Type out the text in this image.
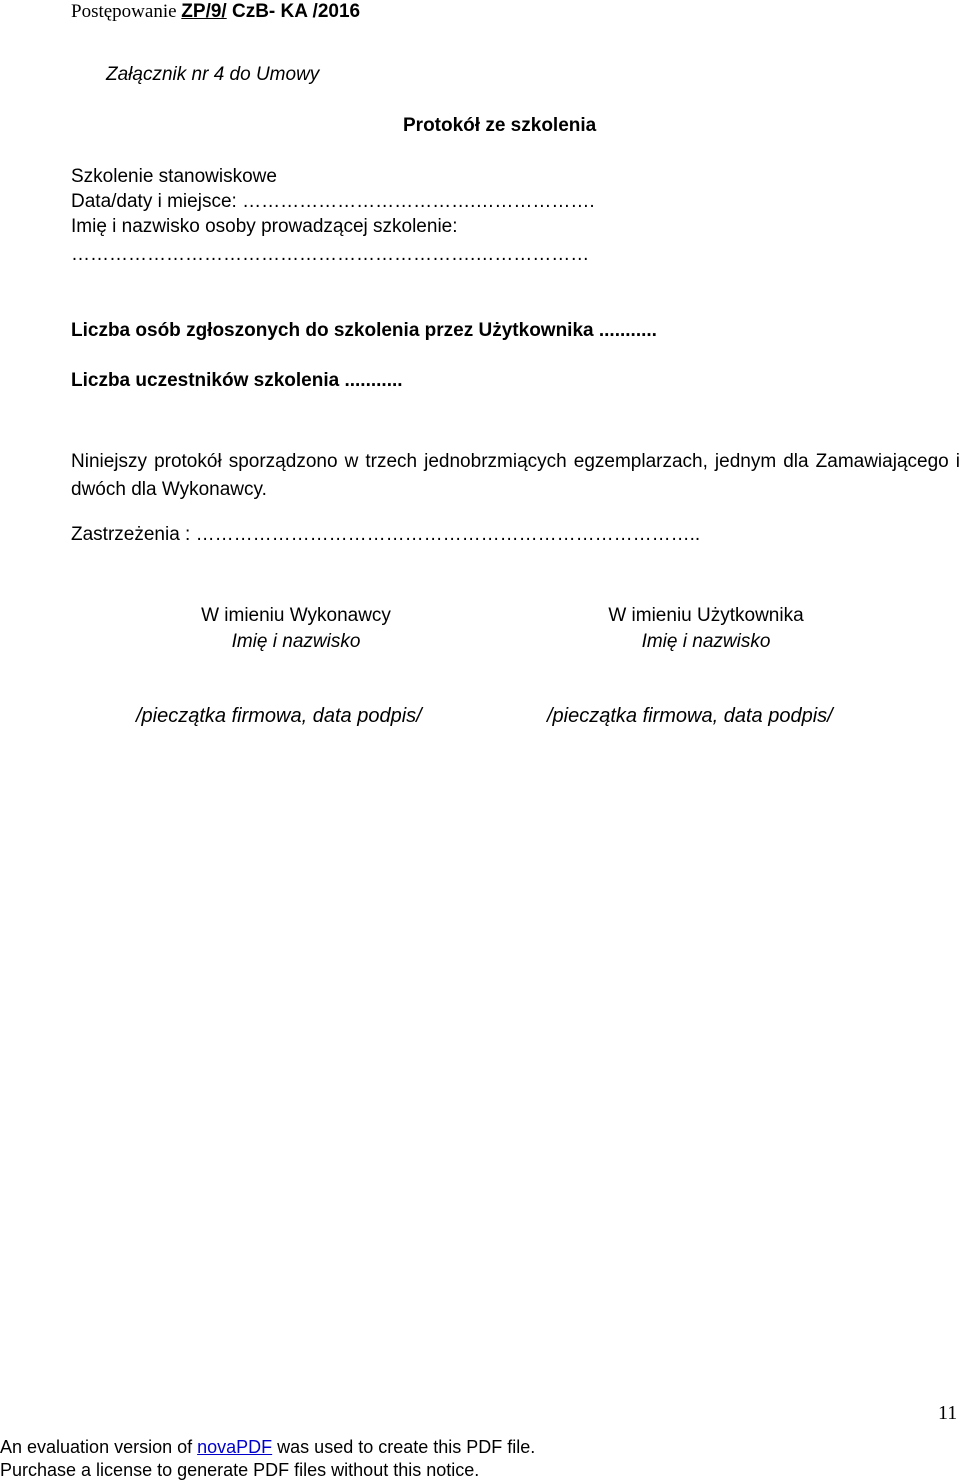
Postępowanie ZP/9/ CzB- KA /2016
Załącznik nr 4 do Umowy
Protokół ze szkolenia
Szkolenie stanowiskowe
Data/daty i miejsce: ……………………………….……………….
Imię i nazwisko osoby prowadzącej szkolenie:
……………………………………………………….………………
Liczba osób zgłoszonych do szkolenia przez Użytkownika ...........
Liczba uczestników szkolenia ...........
Niniejszy protokół sporządzono w trzech jednobrzmiących egzemplarzach, jednym dla Zamawiającego i dwóch dla Wykonawcy.
Zastrzeżenia : ……………………………………………………………………..
W imieniu Wykonawcy
Imię i nazwisko
W imieniu Użytkownika
Imię i nazwisko
/pieczątka firmowa, data podpis/	/pieczątka firmowa, data podpis/
11
An evaluation version of novaPDF was used to create this PDF file.
Purchase a license to generate PDF files without this notice.
